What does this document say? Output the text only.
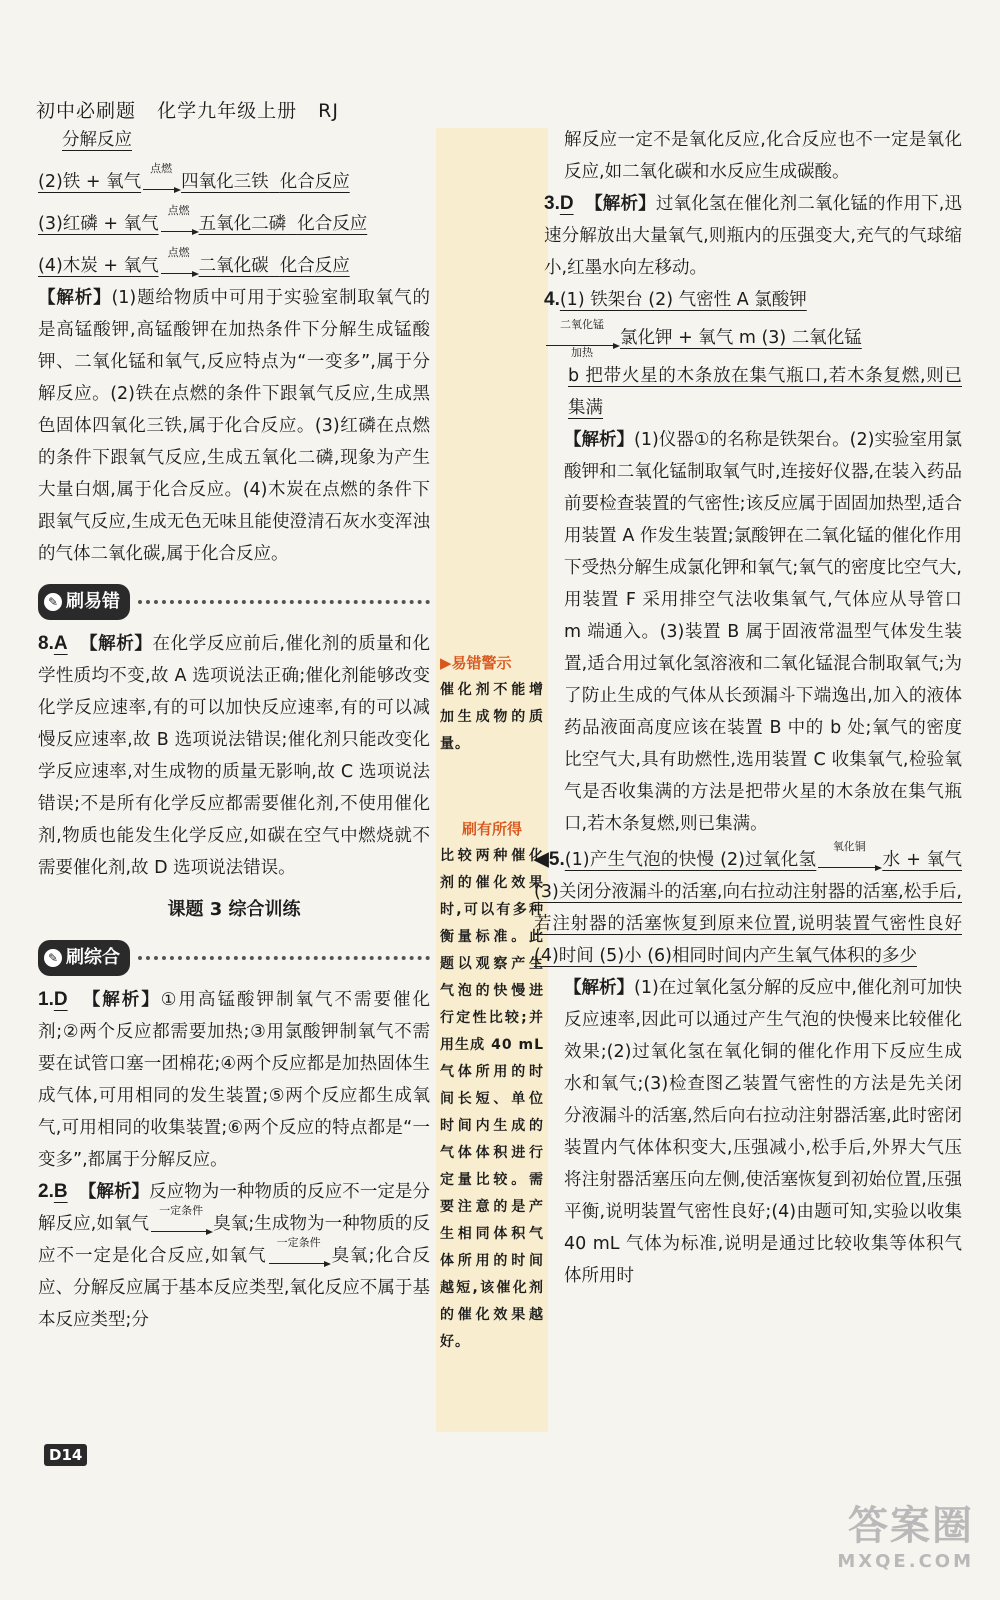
初中必刷题 化学九年级上册 RJ
分解反应
(2)铁 + 氧气
点燃
四氧化三铁 化合反应
(3)红磷 + 氧气
点燃
五氧化二磷 化合反应
(4)木炭 + 氧气
点燃
二氧化碳 化合反应
【解析】(1)题给物质中可用于实验室制取氧气的是高锰酸钾,高锰酸钾在加热条件下分解生成锰酸钾、二氧化锰和氧气,反应特点为“一变多”,属于分解反应。(2)铁在点燃的条件下跟氧气反应,生成黑色固体四氧化三铁,属于化合反应。(3)红磷在点燃的条件下跟氧气反应,生成五氧化二磷,现象为产生大量白烟,属于化合反应。(4)木炭在点燃的条件下跟氧气反应,生成无色无味且能使澄清石灰水变浑浊的气体二氧化碳,属于化合反应。
✎ 刷易错
8.A 【解析】在化学反应前后,催化剂的质量和化学性质均不变,故 A 选项说法正确;催化剂能够改变化学反应速率,有的可以加快反应速率,有的可以减慢反应速率,故 B 选项说法错误;催化剂只能改变化学反应速率,对生成物的质量无影响,故 C 选项说法错误;不是所有化学反应都需要催化剂,不使用催化剂,物质也能发生化学反应,如碳在空气中燃烧就不需要催化剂,故 D 选项说法错误。
课题 3 综合训练
✎ 刷综合
1.D 【解析】①用高锰酸钾制氧气不需要催化剂;②两个反应都需要加热;③用氯酸钾制氧气不需要在试管口塞一团棉花;④两个反应都是加热固体生成气体,可用相同的发生装置;⑤两个反应都生成氧气,可用相同的收集装置;⑥两个反应的特点都是“一变多”,都属于分解反应。
2.B 【解析】反应物为一种物质的反应不一定是分解反应,如氧气
一定条件
臭氧;生成物为一种物质的反应不一定是化合反应,如氧气
一定条件
臭氧;化合反应、分解反应属于基本反应类型,氧化反应不属于基本反应类型;分
▶易错警示
催化剂不能增加生成物的质量。
刷有所得
比较两种催化剂的催化效果时,可以有多种衡量标准。此题以观察产生气泡的快慢进行定性比较;并用生成 40 mL 气体所用的时间长短、单位时间内生成的气体体积进行定量比较。需要注意的是产生相同体积气体所用的时间越短,该催化剂的催化效果越好。
解反应一定不是氧化反应,化合反应也不一定是氧化反应,如二氧化碳和水反应生成碳酸。
3.D 【解析】过氧化氢在催化剂二氧化锰的作用下,迅速分解放出大量氧气,则瓶内的压强变大,充气的气球缩小,红墨水向左移动。
4.(1) 铁架台 (2) 气密性 A 氯酸钾
二氧化锰
加热
氯化钾 + 氧气 m (3) 二氧化锰
b 把带火星的木条放在集气瓶口,若木条复燃,则已集满
【解析】(1)仪器①的名称是铁架台。(2)实验室用氯酸钾和二氧化锰制取氧气时,连接好仪器,在装入药品前要检查装置的气密性;该反应属于固固加热型,适合用装置 A 作发生装置;氯酸钾在二氧化锰的催化作用下受热分解生成氯化钾和氧气;氧气的密度比空气大,用装置 F 采用排空气法收集氧气,气体应从导管口 m 端通入。(3)装置 B 属于固液常温型气体发生装置,适合用过氧化氢溶液和二氧化锰混合制取氧气;为了防止生成的气体从长颈漏斗下端逸出,加入的液体药品液面高度应该在装置 B 中的 b 处;氧气的密度比空气大,具有助燃性,选用装置 C 收集氧气,检验氧气是否收集满的方法是把带火星的木条放在集气瓶口,若木条复燃,则已集满。
◀5.(1)产生气泡的快慢 (2)过氧化氢
氧化铜
水 + 氧气 (3)关闭分液漏斗的活塞,向右拉动注射器的活塞,松手后,若注射器的活塞恢复到原来位置,说明装置气密性良好 (4)时间 (5)小 (6)相同时间内产生氧气体积的多少
【解析】(1)在过氧化氢分解的反应中,催化剂可加快反应速率,因此可以通过产生气泡的快慢来比较催化效果;(2)过氧化氢在氧化铜的催化作用下反应生成水和氧气;(3)检查图乙装置气密性的方法是先关闭分液漏斗的活塞,然后向右拉动注射器活塞,此时密闭装置内气体体积变大,压强减小,松手后,外界大气压将注射器活塞压向左侧,使活塞恢复到初始位置,压强平衡,说明装置气密性良好;(4)由题可知,实验以收集 40 mL 气体为标准,说明是通过比较收集等体积气体所用时
D14
答案圈
MXQE.COM
